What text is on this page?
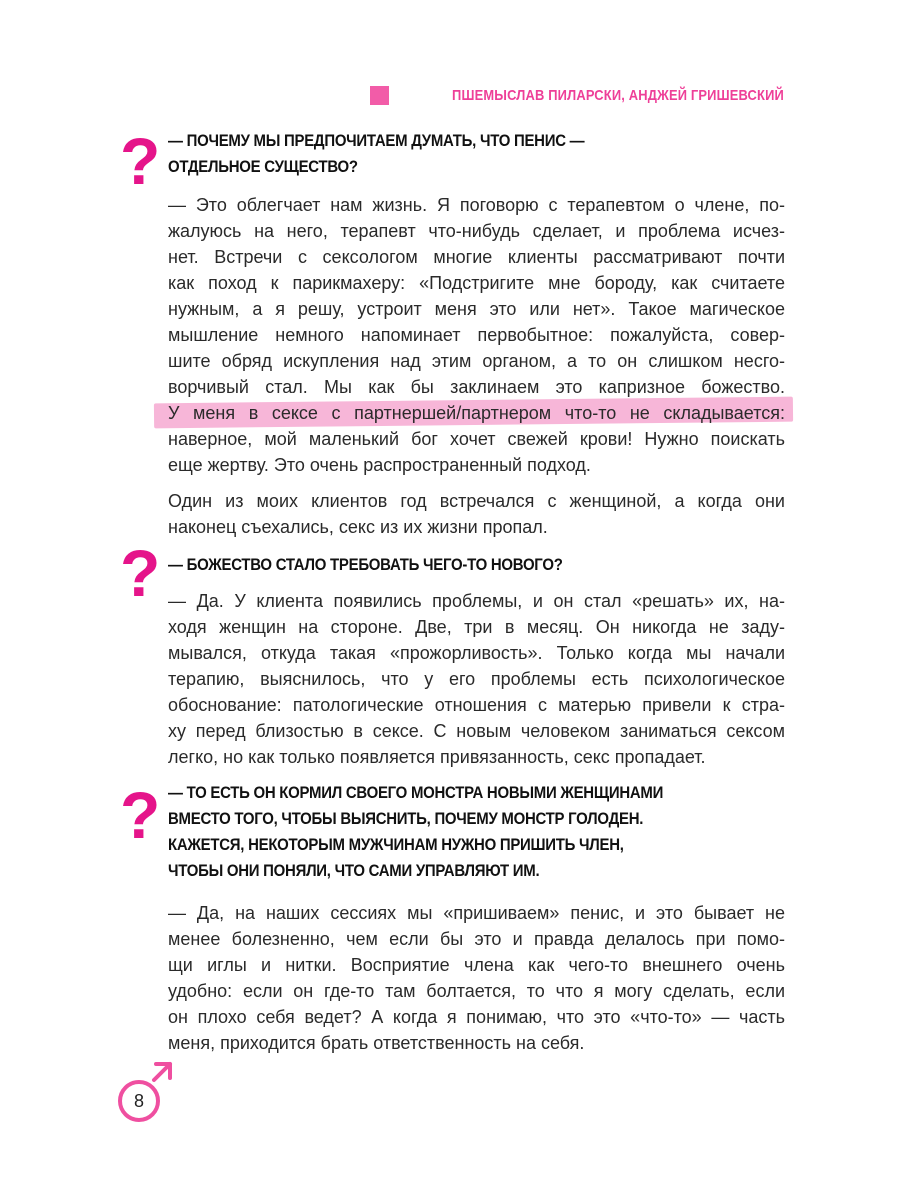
ПШЕМЫСЛАВ ПИЛАРСКИ, АНДЖЕЙ ГРИШЕВСКИЙ
? — ПОЧЕМУ МЫ ПРЕДПОЧИТАЕМ ДУМАТЬ, ЧТО ПЕНИС —
ОТДЕЛЬНОЕ СУЩЕСТВО?
— Это облегчает нам жизнь. Я поговорю с терапевтом о члене, по-
жалуюсь на него, терапевт что-нибудь сделает, и проблема исчез-
нет. Встречи с сексологом многие клиенты рассматривают почти
как поход к парикмахеру: «Подстригите мне бороду, как считаете
нужным, а я решу, устроит меня это или нет». Такое магическое
мышление немного напоминает первобытное: пожалуйста, совер-
шите обряд искупления над этим органом, а то он слишком несго-
ворчивый стал. Мы как бы заклинаем это капризное божество.
У меня в сексе с партнершей/партнером что-то не складывается:
наверное, мой маленький бог хочет свежей крови! Нужно поискать
еще жертву. Это очень распространенный подход.
Один из моих клиентов год встречался с женщиной, а когда они
наконец съехались, секс из их жизни пропал.
? — БОЖЕСТВО СТАЛО ТРЕБОВАТЬ ЧЕГО-ТО НОВОГО?
— Да. У клиента появились проблемы, и он стал «решать» их, на-
ходя женщин на стороне. Две, три в месяц. Он никогда не заду-
мывался, откуда такая «прожорливость». Только когда мы начали
терапию, выяснилось, что у его проблемы есть психологическое
обоснование: патологические отношения с матерью привели к стра-
ху перед близостью в сексе. С новым человеком заниматься сексом
легко, но как только появляется привязанность, секс пропадает.
? — ТО ЕСТЬ ОН КОРМИЛ СВОЕГО МОНСТРА НОВЫМИ ЖЕНЩИНАМИ
ВМЕСТО ТОГО, ЧТОБЫ ВЫЯСНИТЬ, ПОЧЕМУ МОНСТР ГОЛОДЕН.
КАЖЕТСЯ, НЕКОТОРЫМ МУЖЧИНАМ НУЖНО ПРИШИТЬ ЧЛЕН,
ЧТОБЫ ОНИ ПОНЯЛИ, ЧТО САМИ УПРАВЛЯЮТ ИМ.
— Да, на наших сессиях мы «пришиваем» пенис, и это бывает не
менее болезненно, чем если бы это и правда делалось при помо-
щи иглы и нитки. Восприятие члена как чего-то внешнего очень
удобно: если он где-то там болтается, то что я могу сделать, если
он плохо себя ведет? А когда я понимаю, что это «что-то» — часть
меня, приходится брать ответственность на себя.
8
